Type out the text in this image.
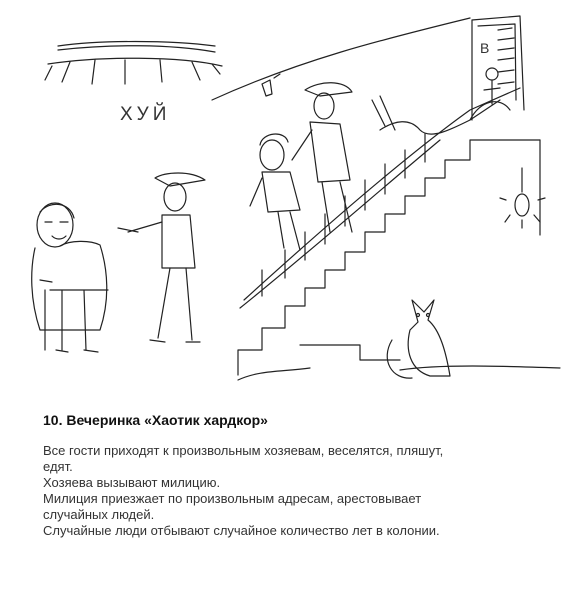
ХУЙ
В

10. Вечеринка «Хаотик хардкор»

Все гости приходят к произвольным хозяевам, веселятся, пляшут,

едят.

Хозяева вызывают милицию.

Милиция приезжает по произвольным адресам, арестовывает

случайных людей.

Случайные люди отбывают случайное количество лет в колонии.
